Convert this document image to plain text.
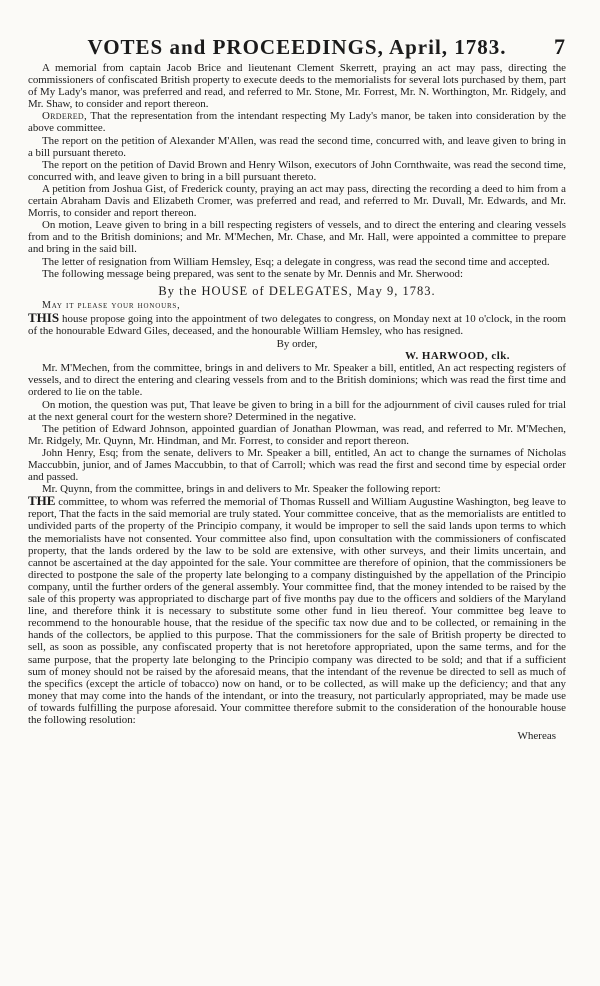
VOTES and PROCEEDINGS, April, 1783. 7

A memorial from captain Jacob Brice and lieutenant Clement Skerrett, praying an act may pass, directing the commissioners of confiscated British property to execute deeds to the memorialists for several lots purchased by them, part of My Lady's manor, was preferred and read, and referred to Mr. Stone, Mr. Forrest, Mr. N. Worthington, Mr. Ridgely, and Mr. Shaw, to consider and report thereon.

Ordered, That the representation from the intendant respecting My Lady's manor, be taken into consideration by the above committee.

The report on the petition of Alexander M'Allen, was read the second time, concurred with, and leave given to bring in a bill pursuant thereto.

The report on the petition of David Brown and Henry Wilson, executors of John Cornthwaite, was read the second time, concurred with, and leave given to bring in a bill pursuant thereto.

A petition from Joshua Gist, of Frederick county, praying an act may pass, directing the recording a deed to him from a certain Abraham Davis and Elizabeth Cromer, was preferred and read, and referred to Mr. Duvall, Mr. Edwards, and Mr. Morris, to consider and report thereon.

On motion, Leave given to bring in a bill respecting registers of vessels, and to direct the entering and clearing vessels from and to the British dominions; and Mr. M'Mechen, Mr. Chase, and Mr. Hall, were appointed a committee to prepare and bring in the said bill.

The letter of resignation from William Hemsley, Esq; a delegate in congress, was read the second time and accepted.

The following message being prepared, was sent to the senate by Mr. Dennis and Mr. Sherwood:

By the HOUSE of DELEGATES, May 9, 1783.
May it please your honours,

THIS house propose going into the appointment of two delegates to congress, on Monday next at 10 o'clock, in the room of the honourable Edward Giles, deceased, and the honourable William Hemsley, who has resigned.

By order,
W. HARWOOD, clk.

Mr. M'Mechen, from the committee, brings in and delivers to Mr. Speaker a bill, entitled, An act respecting registers of vessels, and to direct the entering and clearing vessels from and to the British dominions; which was read the first time and ordered to lie on the table.

On motion, the question was put, That leave be given to bring in a bill for the adjournment of civil causes ruled for trial at the next general court for the western shore? Determined in the negative.

The petition of Edward Johnson, appointed guardian of Jonathan Plowman, was read, and referred to Mr. M'Mechen, Mr. Ridgely, Mr. Quynn, Mr. Hindman, and Mr. Forrest, to consider and report thereon.

John Henry, Esq; from the senate, delivers to Mr. Speaker a bill, entitled, An act to change the surnames of Nicholas Maccubbin, junior, and of James Maccubbin, to that of Carroll; which was read the first and second time by especial order and passed.

Mr. Quynn, from the committee, brings in and delivers to Mr. Speaker the following report:

THE committee, to whom was referred the memorial of Thomas Russell and William Augustine Washington, beg leave to report, That the facts in the said memorial are truly stated. Your committee conceive, that as the memorialists are entitled to undivided parts of the property of the Principio company, it would be improper to sell the said lands upon terms to which the memorialists have not consented. Your committee also find, upon consultation with the commissioners of confiscated property, that the lands ordered by the law to be sold are extensive, with other surveys, and their limits uncertain, and cannot be ascertained at the day appointed for the sale. Your committee are therefore of opinion, that the commissioners be directed to postpone the sale of the property late belonging to a company distinguished by the appellation of the Principio company, until the further orders of the general assembly. Your committee find, that the money intended to be raised by the sale of this property was appropriated to discharge part of five months pay due to the officers and soldiers of the Maryland line, and therefore think it is necessary to substitute some other fund in lieu thereof. Your committee beg leave to recommend to the honourable house, that the residue of the specific tax now due and to be collected, or remaining in the hands of the collectors, be applied to this purpose. That the commissioners for the sale of British property be directed to sell, as soon as possible, any confiscated property that is not heretofore appropriated, upon the same terms, and for the same purpose, that the property late belonging to the Principio company was directed to be sold; and that if a sufficient sum of money should not be raised by the aforesaid means, that the intendant of the revenue be directed to sell as much of the specifics (except the article of tobacco) now on hand, or to be collected, as will make up the deficiency; and that any money that may come into the hands of the intendant, or into the treasury, not particularly appropriated, may be made use of towards fulfilling the purpose aforesaid. Your committee therefore submit to the consideration of the honourable house the following resolution:

Whereas
